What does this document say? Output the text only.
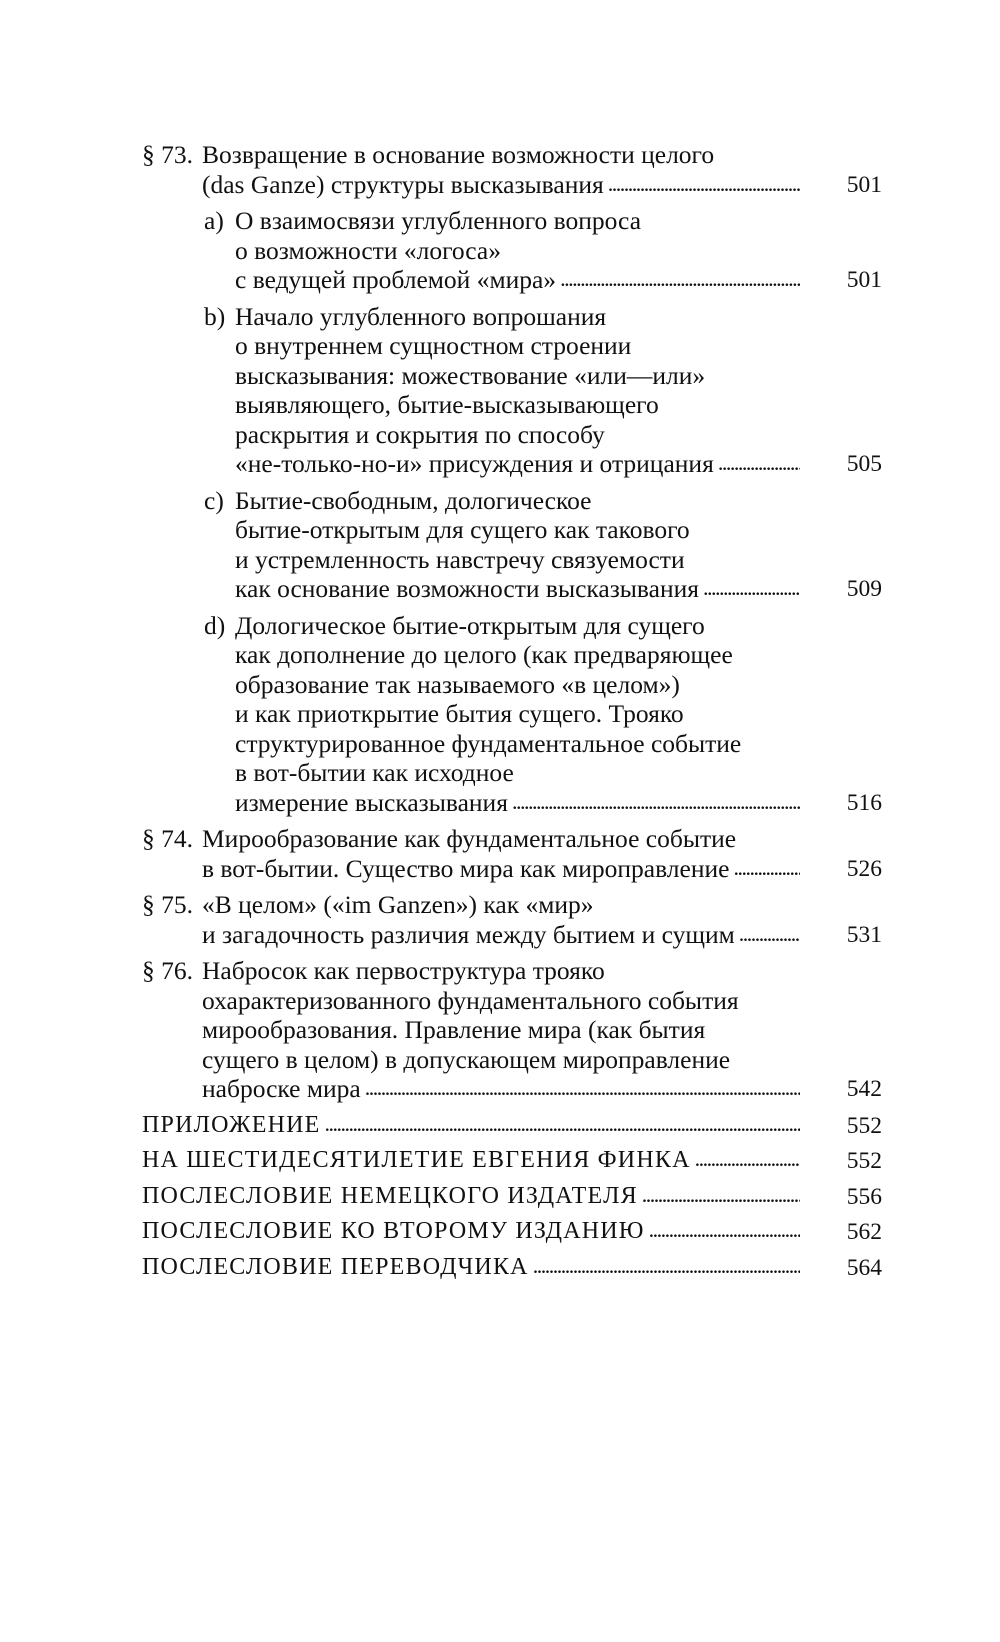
§ 73. Возвращение в основание возможности целого
(das Ganze) структуры высказывания . . .	501
a) О взаимосвязи углубленного вопроса
о возможности «логоса»
с ведущей проблемой «мира» . . .	501
b) Начало углубленного вопрошания
о внутреннем сущностном строении
высказывания: можествование «или—или»
выявляющего, бытие-высказывающего
раскрытия и сокрытия по способу
«не-только-но-и» присуждения и отрицания . . .	505
c) Бытие-свободным, дологическое
бытие-открытым для сущего как такового
и устремленность навстречу связуемости
как основание возможности высказывания . . .	509
d) Дологическое бытие-открытым для сущего
как дополнение до целого (как предваряющее
образование так называемого «в целом»)
и как приоткрытие бытия сущего. Трояко
структурированное фундаментальное событие
в вот-бытии как исходное
измерение высказывания . . .	516
§ 74. Мирообразование как фундаментальное событие
в вот-бытии. Существо мира как мироправление . . .	526
§ 75. «В целом» («im Ganzen») как «мир»
и загадочность различия между бытием и сущим . . .	531
§ 76. Набросок как первоструктура трояко
охарактеризованного фундаментального события
мирообразования. Правление мира (как бытия
сущего в целом) в допускающем мироправление
наброске мира . . .	542
ПРИЛОЖЕНИЕ . . .	552
НА ШЕСТИДЕСЯТИЛЕТИЕ ЕВГЕНИЯ ФИНКА . . .	552
ПОСЛЕСЛОВИЕ НЕМЕЦКОГО ИЗДАТЕЛЯ . . .	556
ПОСЛЕСЛОВИЕ КО ВТОРОМУ ИЗДАНИЮ . . .	562
ПОСЛЕСЛОВИЕ ПЕРЕВОДЧИКА . . .	564
